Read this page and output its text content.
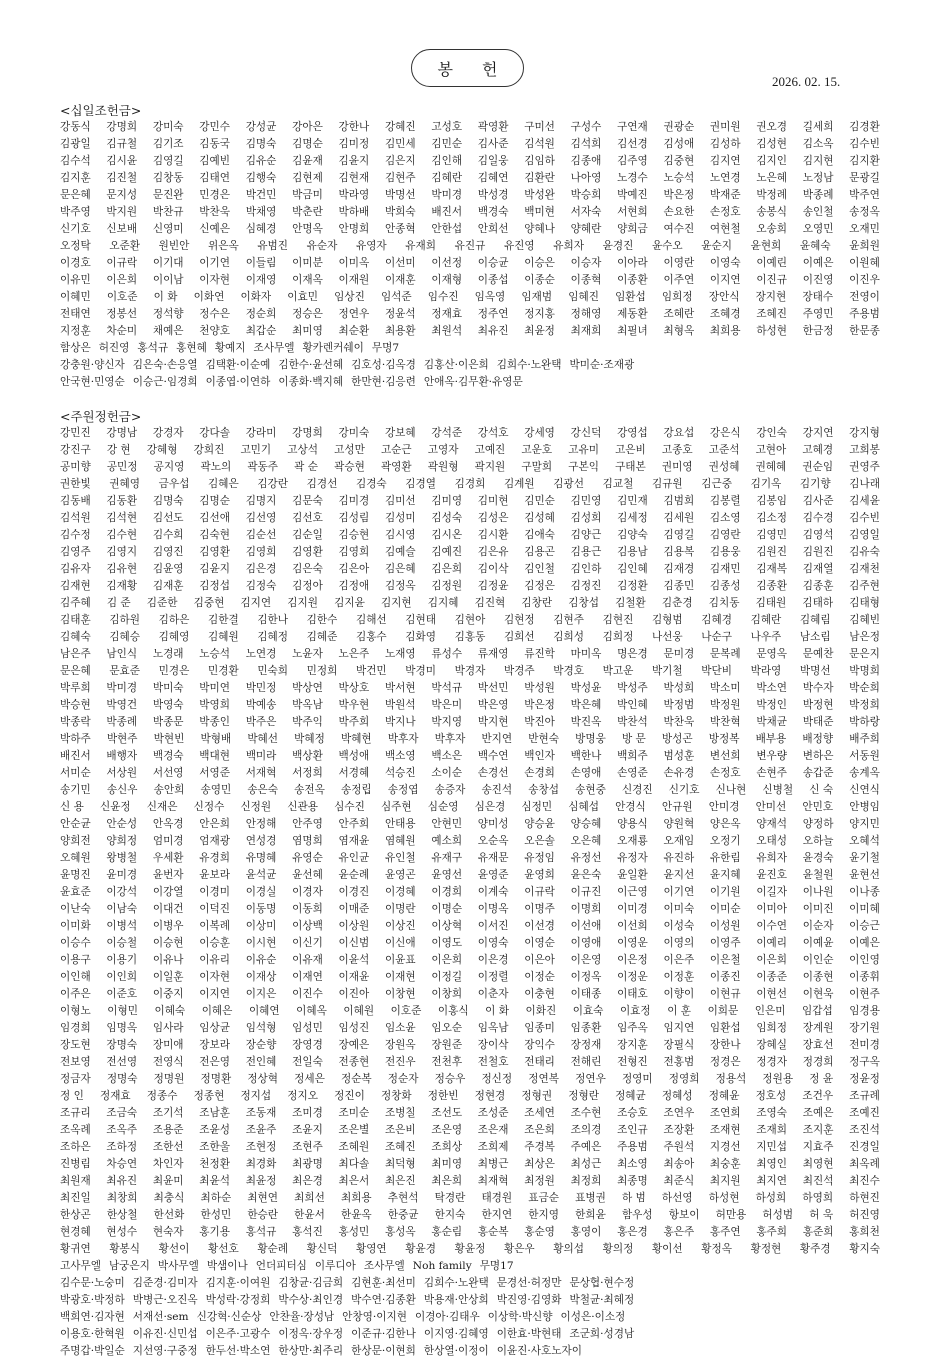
봉 헌
2026. 02. 15.
<십일조헌금>
강동식 강명희 강미숙 강민수 강성균 강아은 강한나 강혜진 고성호 곽영환 구미선 구성수 구연재 권광순 권미원 권오경 길세희 김경환
김광일 김규철 김기조 김동국 김명숙 김명순 김미정 김민세 김민순 김사준 김석원 김석희 김선경 김성애 김성하 김성현 김소옥 김수빈
김수석 김시윤 김영길 김예빈 김유순 김윤재 김윤지 김은지 김인해 김일웅 김임하 김종애 김주영 김중현 김지연 김지인 김지현 김지환
김지훈 김진철 김창동 김태연 김행숙 김현제 김현재 김현주 김혜란 김혜연 김환란 나아영 노경수 노승석 노연경 노은혜 노정남 문광길
문은혜 문지성 문진완 민경은 박건민 박금미 박라영 박명선 박미경 박성경 박성완 박승희 박예진 박은정 박재준 박정례 박종례 박주연
박주영 박지원 박찬규 박찬욱 박채영 박춘란 박하배 박희숙 배진서 백경숙 백미현 서자숙 서현희 손요한 손정호 송봉식 송인철 송정옥
신기호 신보배 신영미 신예은 심혜경 안명옥 안명희 안종혁 안한섭 안희선 양혜나 양혜란 양희금 여수진 여현철 오송희 오영민 오재민
오정탁 오준환 원빈안 위은옥 유범진 유순자 유영자 유재희 유진규 유진영 유희자 윤경진 윤수오 윤순지 윤현희 윤혜숙 윤희원
이경호 이규락 이기대 이기연 이들림 이미분 이미옥 이선미 이선정 이승균 이승은 이승자 이아라 이영란 이영숙 이예린 이예은 이원혜
이유민 이은희 이이남 이자현 이재영 이재옥 이재원 이재훈 이재형 이종섭 이종순 이종혁 이종환 이주연 이지연 이진규 이진영 이진우
이혜민 이호준 이 화 이화연 이화자 이효민 임상진 임석준 임수진 임옥영 임재범 임혜진 임환섭 임희정 장안식 장지현 장태수 전영이
전태연 정봉선 정석향 정수은 정순희 정승은 정연우 정윤석 정재효 정주연 정지홍 정해영 제동환 조혜란 조혜경 조혜진 주영민 주용범
지정훈 차순미 채예은 천양호 최갑순 최미영 최순환 최용환 최원석 최유진 최윤정 최재희 최필녀 최형옥 최희용 하성현 한금정 한문종
함상은 허진영 홍석규 홍현혜 황예지 조사무엘 황카렌커쉐이 무명7
강충원·양신자 김은숙·손응열 김택환·이순예 김한수·윤선혜 김호성·김옥경 김홍산·이은희 김희수·노완택 박미순·조재광
안국현·민영순 이승근·임경희 이종엽·이연하 이종화·백지혜 한만현·김응련 안애옥·김무환·유영문
<주원정헌금>
강민진 강명남 강경자 강다솔 강라미 강명희 강미숙 강보혜 강석준 강석호 강세영 강신덕 강영섭 강요섭 강은식 강인숙 강지연 강지형
강진구 강 현 강혜형 강희진 고민기 고상석 고성만 고순근 고영자 고예진 고운호 고유미 고은비 고종호 고준석 고현아 고혜경 고희봉
공미향 공민정 공지영 곽노의 곽동주 곽 순 곽승현 곽영환 곽원형 곽지원 구말희 구본익 구태본 권미영 권성혜 권혜혜 권순임 권영주
권한빛 권혜영 금우섭 김혜은 김강란 김경선 김경숙 김경열 김경희 김계원 김광선 김교철 김규원 김근중 김기옥 김기향 김나래
김동배 김동환 김명숙 김명순 김명지 김문숙 김미경 김미선 김미영 김미현 김민순 김민영 김민재 김범희 김봉렬 김봉임 김사준 김세윤
김석원 김석현 김선도 김선애 김선영 김선호 김성림 김성미 김성숙 김성은 김성혜 김성희 김세정 김세원 김소영 김소정 김수경 김수빈
김수정 김수현 김수희 김숙현 김순선 김순일 김승현 김시영 김시온 김시환 김애숙 김양근 김양숙 김영길 김영란 김영민 김영석 김영일
김영주 김영지 김영진 김영환 김영희 김영환 김영희 김예슬 김예진 김은유 김용곤 김용근 김용남 김용복 김용웅 김원진 김원진 김유숙
김유자 김유현 김윤영 김윤지 김은경 김은숙 김은아 김은혜 김은희 김이삭 김인철 김인하 김인혜 김재경 김재민 김재복 김재열 김재천
김재현 김재황 김재훈 김정섭 김정숙 김정아 김정애 김정옥 김정원 김정윤 김정은 김정진 김정환 김종민 김종성 김종환 김종훈 김주현
김주혜 김 준 김준한 김중현 김지연 김지원 김지윤 김지현 김지혜 김진혁 김창란 김창섭 김철환 김춘경 김치동 김태원 김태하 김태형
김태훈 김하원 김하은 김한결 김한나 김한수 김해선 김현태 김현아 김현정 김현주 김현진 김형범 김혜경 김혜란 김혜림 김혜빈
김혜숙 김혜승 김혜영 김혜원 김혜정 김혜준 김홍수 김화영 김홍동 김희선 김희성 김희정 나선웅 나순구 나우주 남소림 남은정
남은주 남인식 노경래 노승석 노연경 노윤자 노은주 노재영 류성수 류재영 류진학 마미옥 명은경 문미경 문복례 문영옥 문예찬 문은지
문은혜 문효준 민경은 민경환 민숙희 민정희 박건민 박경미 박경자 박경주 박경호 박고운 박기철 박단비 박라영 박명선 박명희
박루희 박미경 박미숙 박미연 박민정 박상연 박상호 박서현 박석규 박선민 박성원 박성윤 박성주 박성희 박소미 박소연 박수자 박순희
박승현 박영건 박영숙 박영희 박예송 박옥남 박우현 박원석 박은미 박은영 박은정 박은혜 박인혜 박정범 박정원 박정인 박정현 박정희
박종락 박종례 박종문 박종인 박주은 박주익 박주희 박지나 박지영 박지현 박진아 박진옥 박찬석 박찬욱 박찬혁 박채균 박태준 박하랑
박하주 박현주 박현빈 박형배 박혜선 박혜정 박혜현 박후자 박후자 반지연 반현숙 방명웅 방 문 방성곤 방정복 배부용 배정향 배주희
배진서 배행자 백경숙 백대현 백미라 백상환 백성애 백소영 백소은 백수연 백인자 백한나 백희주 범성훈 변선희 변우량 변하은 서동원
서미순 서상원 서선영 서영준 서재혁 서정희 서경혜 석승진 소이순 손경선 손경희 손영애 손영준 손유경 손정호 손현주 송갑준 송계옥
송기민 송신우 송안희 송영민 송은숙 송전옥 송정립 송정엽 송증자 송진석 송창섭 송현중 신경진 신기호 신나현 신병철 신 숙 신연식
신 용 신윤정 신재은 신정수 신정원 신관용 심수진 심주현 심순영 심은경 심정민 심혜섭 안경식 안규원 안미경 안미선 안민호 안병임
안순균 안순성 안옥경 안은희 안정해 안주영 안주희 안태용 안현민 양미성 양승윤 양승혜 양용식 양원혁 양은옥 양재석 양정하 양지민
양희전 양희정 엄미경 엄재광 연성경 염명희 염재윤 염혜원 예소희 오순옥 오은솔 오은혜 오재룡 오재임 오정기 오태성 오하늘 오혜석
오혜원 왕병철 우세환 유경희 유명혜 유영순 유인균 유인철 유재구 유재문 유정임 유정선 유정자 유진하 유한림 유희자 윤경숙 윤기철
윤명진 윤미경 윤번자 윤보라 윤석균 윤선혜 윤순례 윤영곤 윤영선 윤영준 윤영희 윤은숙 윤일환 윤지선 윤지혜 윤진호 윤철원 윤현선
윤효준 이강석 이강열 이경미 이경실 이경자 이경진 이경혜 이경희 이계숙 이규락 이규진 이근영 이기연 이기원 이길자 이나원 이나종
이난숙 이남숙 이대건 이덕진 이동명 이동희 이매준 이명란 이명순 이명옥 이명주 이명희 이미경 이미숙 이미순 이미아 이미진 이미혜
이미화 이병석 이병우 이복례 이상미 이상백 이상원 이상진 이상혁 이서진 이선경 이선애 이선희 이성숙 이성원 이수연 이순자 이승근
이승수 이승철 이승현 이승훈 이시현 이신기 이신범 이신애 이영도 이영숙 이영순 이영애 이영운 이영의 이영주 이예리 이예윤 이예은
이용구 이용기 이유나 이유리 이유순 이유재 이윤석 이윤표 이은희 이은경 이은아 이은영 이은정 이은주 이은철 이은희 이인순 이인영
이인해 이인희 이일훈 이자현 이재상 이재연 이재윤 이재현 이정길 이정렬 이정순 이정옥 이정운 이정훈 이종진 이종준 이종현 이종휘
이주은 이준호 이중지 이지연 이지은 이진수 이진아 이창현 이창희 이춘자 이충현 이태종 이태호 이향이 이현규 이현선 이현욱 이현주
이형노 이형민 이혜숙 이혜은 이혜연 이혜옥 이혜원 이호준 이홍식 이 화 이화진 이효숙 이효정 이 훈 이희문 인은미 임갑섭 임경용
임경희 임명옥 임사라 임상균 임석형 임성민 임성진 임소윤 임오순 임옥남 임종미 임종환 임주옥 임지연 임환섭 임희정 장계원 장기원
장도현 장명숙 장미애 장보라 장순향 장영경 장예은 장원옥 장원준 장이삭 장익수 장정재 장지훈 장필식 장한나 장혜실 장효선 전미경
전보영 전선영 전영식 전은영 전인혜 전일숙 전종현 전진우 전천후 전철호 전태리 전해린 전형진 전홍범 정경은 정경자 정경희 정구옥
정금자 정명숙 정명원 정명환 정상혁 정세은 정순복 정순자 정승우 정신정 정연복 정연우 정영미 정영희 정용석 정원용 정 윤 정윤정
정 인 정재효 정종수 정종현 정지섭 정지오 정진이 정창화 정한빈 정현경 정형권 정형란 정혜균 정혜성 정혜윤 정호성 조건우 조규례
조규리 조금숙 조기석 조남훈 조동재 조미경 조미순 조병칠 조선도 조성준 조세연 조수현 조승호 조연우 조연희 조영숙 조예은 조예진
조옥례 조옥주 조용준 조윤성 조윤주 조윤지 조은별 조은비 조은영 조은재 조은희 조의경 조인규 조장환 조재현 조재희 조지훈 조진석
조하은 조하정 조한선 조한울 조현정 조현주 조혜원 조혜진 조희상 조희제 주경복 주예은 주용범 주원석 지경선 지민섭 지효주 진경일
진병림 차승연 차인자 천정환 최경화 최광명 최다솔 최덕형 최미영 최병근 최상은 최성근 최소영 최송아 최숭훈 최영인 최영현 최옥례
최원재 최유진 최윤미 최윤석 최윤정 최은경 최은서 최은진 최은희 최재혁 최정원 최정희 최종명 최준식 최지원 최지연 최진석 최진수
최진일 최창희 최충식 최하순 최현연 최희선 최희용 추현석 탁경란 태경원 표금순 표병권 하 범 하선영 하성현 하성희 하영희 하현진
한상곤 한상철 한선화 한성민 한승란 한윤서 한윤옥 한중균 한지숙 한지연 한지영 한희윤 함우성 항보이 허만용 허성범 허 욱 허진영
현경혜 현성수 현숙자 홍기용 홍석규 홍석진 홍성민 홍성옥 홍순림 홍순복 홍순영 홍영이 홍은경 홍은주 홍주연 홍주희 홍준희 홍희천
황귀연 황봉식 황선이 황선호 황순례 황신덕 황영연 황윤경 황윤정 황은우 황의섭 황의정 황이선 황정옥 황정현 황주경 황지숙
고사무엘 남궁은지 박사무엘 박샘이나 언더피터심 이루디아 조사무엘 Noh family 무명17
김수문·노숭미 김준경·김미자 김지훈·이여원 김창균·김금희 김현훈·최선미 김희수·노완택 문경선·허정만 문상협·현수정
박광호·박정하 박병근·오진옥 박성락·강정희 박수상·최인경 박수연·김종환 박용재·안상희 박진영·김영화 박철균·최혜정
백희연·김자현 서재선·sem 신강혁·신순상 안찬율·장성남 안창영·이지현 이경아·김태우 이상학·박신향 이성은·이소정
이용호·한혁원 이유진·신민섭 이은주·고광수 이정옥·장우정 이준규·김한나 이지영·김혜영 이한효·박현태 조군희·성경남
주명갑·박일순 지선영·구중정 한두선·박소연 한상만·최주리 한상문·이현희 한상열·이정이 이윤진·사호노자이
